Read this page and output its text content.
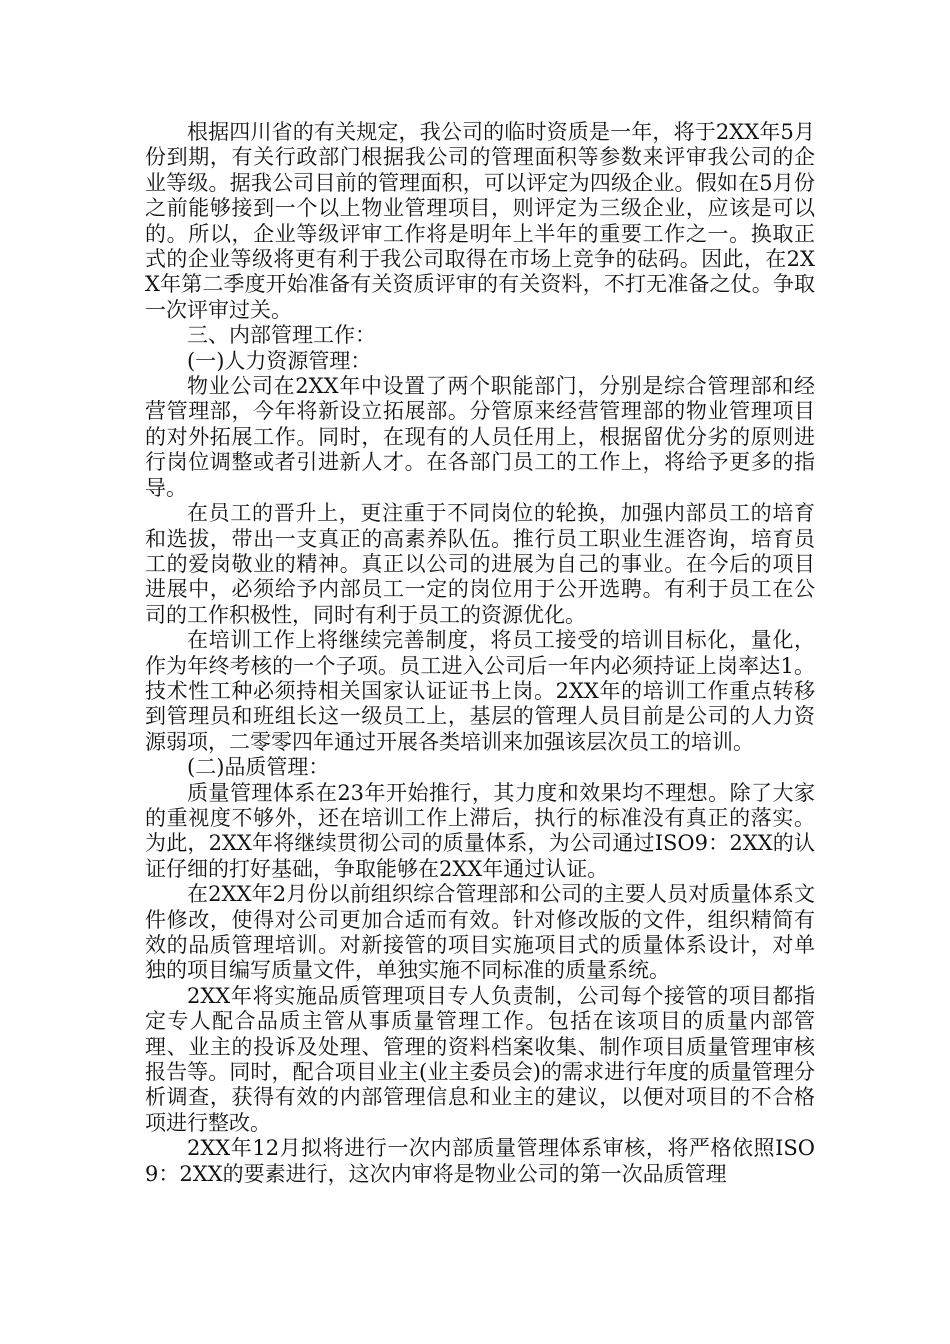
根据四川省的有关规定，我公司的临时资质是一年，将于2XX年5月份到期，有关行政部门根据我公司的管理面积等参数来评审我公司的企业等级。据我公司目前的管理面积，可以评定为四级企业。假如在5月份之前能够接到一个以上物业管理项目，则评定为三级企业，应该是可以的。所以，企业等级评审工作将是明年上半年的重要工作之一。换取正式的企业等级将更有利于我公司取得在市场上竞争的砝码。因此，在2XX年第二季度开始准备有关资质评审的有关资料，不打无准备之仗。争取一次评审过关。

三、内部管理工作：

(一)人力资源管理：

物业公司在2XX年中设置了两个职能部门，分别是综合管理部和经营管理部，今年将新设立拓展部。分管原来经营管理部的物业管理项目的对外拓展工作。同时，在现有的人员任用上，根据留优分劣的原则进行岗位调整或者引进新人才。在各部门员工的工作上，将给予更多的指导。

在员工的晋升上，更注重于不同岗位的轮换，加强内部员工的培育和选拔，带出一支真正的高素养队伍。推行员工职业生涯咨询，培育员工的爱岗敬业的精神。真正以公司的进展为自己的事业。在今后的项目进展中，必须给予内部员工一定的岗位用于公开选聘。有利于员工在公司的工作积极性，同时有利于员工的资源优化。

在培训工作上将继续完善制度，将员工接受的培训目标化，量化，作为年终考核的一个子项。员工进入公司后一年内必须持证上岗率达1。技术性工种必须持相关国家认证证书上岗。2XX年的培训工作重点转移到管理员和班组长这一级员工上，基层的管理人员目前是公司的人力资源弱项，二零零四年通过开展各类培训来加强该层次员工的培训。

(二)品质管理：

质量管理体系在23年开始推行，其力度和效果均不理想。除了大家的重视度不够外，还在培训工作上滞后，执行的标准没有真正的落实。为此，2XX年将继续贯彻公司的质量体系，为公司通过ISO9：2XX的认证仔细的打好基础，争取能够在2XX年通过认证。

在2XX年2月份以前组织综合管理部和公司的主要人员对质量体系文件修改，使得对公司更加合适而有效。针对修改版的文件，组织精简有效的品质管理培训。对新接管的项目实施项目式的质量体系设计，对单独的项目编写质量文件，单独实施不同标准的质量系统。

2XX年将实施品质管理项目专人负责制，公司每个接管的项目都指定专人配合品质主管从事质量管理工作。包括在该项目的质量内部管理、业主的投诉及处理、管理的资料档案收集、制作项目质量管理审核报告等。同时，配合项目业主(业主委员会)的需求进行年度的质量管理分析调查，获得有效的内部管理信息和业主的建议，以便对项目的不合格项进行整改。

2XX年12月拟将进行一次内部质量管理体系审核，将严格依照ISO9：2XX的要素进行，这次内审将是物业公司的第一次品质管理
